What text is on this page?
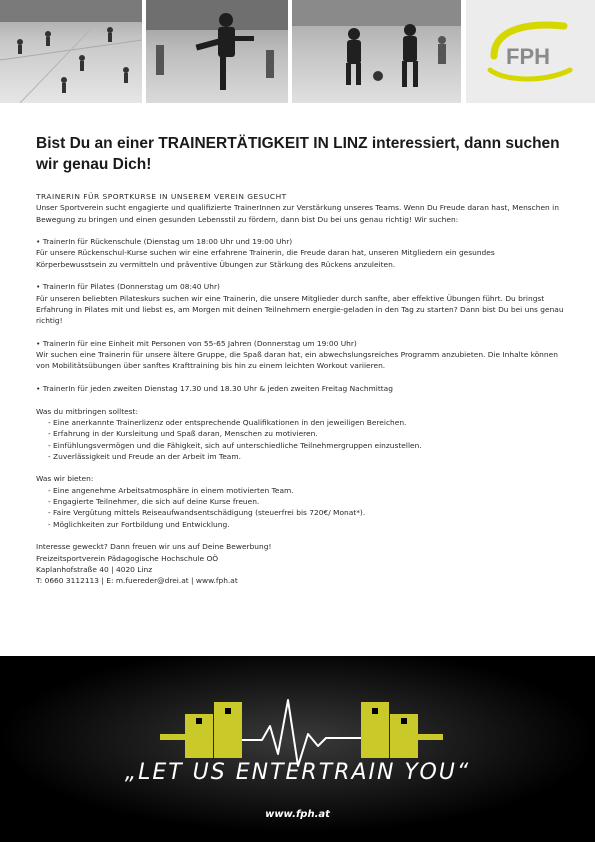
FPH
Bist Du an einer TRAINERTÄTIGKEIT IN LINZ interessiert, dann suchen wir genau Dich!

TRAINERIN FÜR SPORTKURSE IN UNSEREM VEREIN GESUCHT

Unser Sportverein sucht engagierte und qualifizierte TrainerInnen zur Verstärkung unseres Teams. Wenn Du Freude daran hast, Menschen in Bewegung zu bringen und einen gesunden Lebensstil zu fördern, dann bist Du bei uns genau richtig! Wir suchen:

• TrainerIn für Rückenschule (Dienstag um 18:00 Uhr und 19:00 Uhr)

Für unsere Rückenschul-Kurse suchen wir eine erfahrene Trainerin, die Freude daran hat, unseren Mitgliedern ein gesundes Körperbewusstsein zu vermitteln und präventive Übungen zur Stärkung des Rückens anzuleiten.

• TrainerIn für Pilates (Donnerstag um 08:40 Uhr)

Für unseren beliebten Pilateskurs suchen wir eine Trainerin, die unsere Mitglieder durch sanfte, aber effektive Übungen führt. Du bringst Erfahrung in Pilates mit und liebst es, am Morgen mit deinen Teilnehmern energie-geladen in den Tag zu starten? Dann bist Du bei uns genau richtig!

• TrainerIn für eine Einheit mit Personen von 55-65 Jahren (Donnerstag um 19:00 Uhr)

Wir suchen eine Trainerin für unsere ältere Gruppe, die Spaß daran hat, ein abwechslungsreiches Programm anzubieten. Die Inhalte können von Mobilitätsübungen über sanftes Krafttraining bis hin zu einem leichten Workout variieren.

• TrainerIn für jeden zweiten Dienstag 17.30 und 18.30 Uhr & jeden zweiten Freitag Nachmittag

Was du mitbringen solltest:

- Eine anerkannte Trainerlizenz oder entsprechende Qualifikationen in den jeweiligen Bereichen.
- Erfahrung in der Kursleitung und Spaß daran, Menschen zu motivieren.
- Einfühlungsvermögen und die Fähigkeit, sich auf unterschiedliche Teilnehmergruppen einzustellen.
- Zuverlässigkeit und Freude an der Arbeit im Team.

Was wir bieten:

- Eine angenehme Arbeitsatmosphäre in einem motivierten Team.
- Engagierte Teilnehmer, die sich auf deine Kurse freuen.
- Faire Vergütung mittels Reiseaufwandsentschädigung (steuerfrei bis 720€/ Monat*).
- Möglichkeiten zur Fortbildung und Entwicklung.

Interesse geweckt? Dann freuen wir uns auf Deine Bewerbung!

Freizeitsportverein Pädagogische Hochschule OÖ

Kaplanhofstraße 40 | 4020 Linz

T: 0660 3112113 | E: m.fuereder@drei.at | www.fph.at

„LET US ENTERTRAIN YOU“
www.fph.at
